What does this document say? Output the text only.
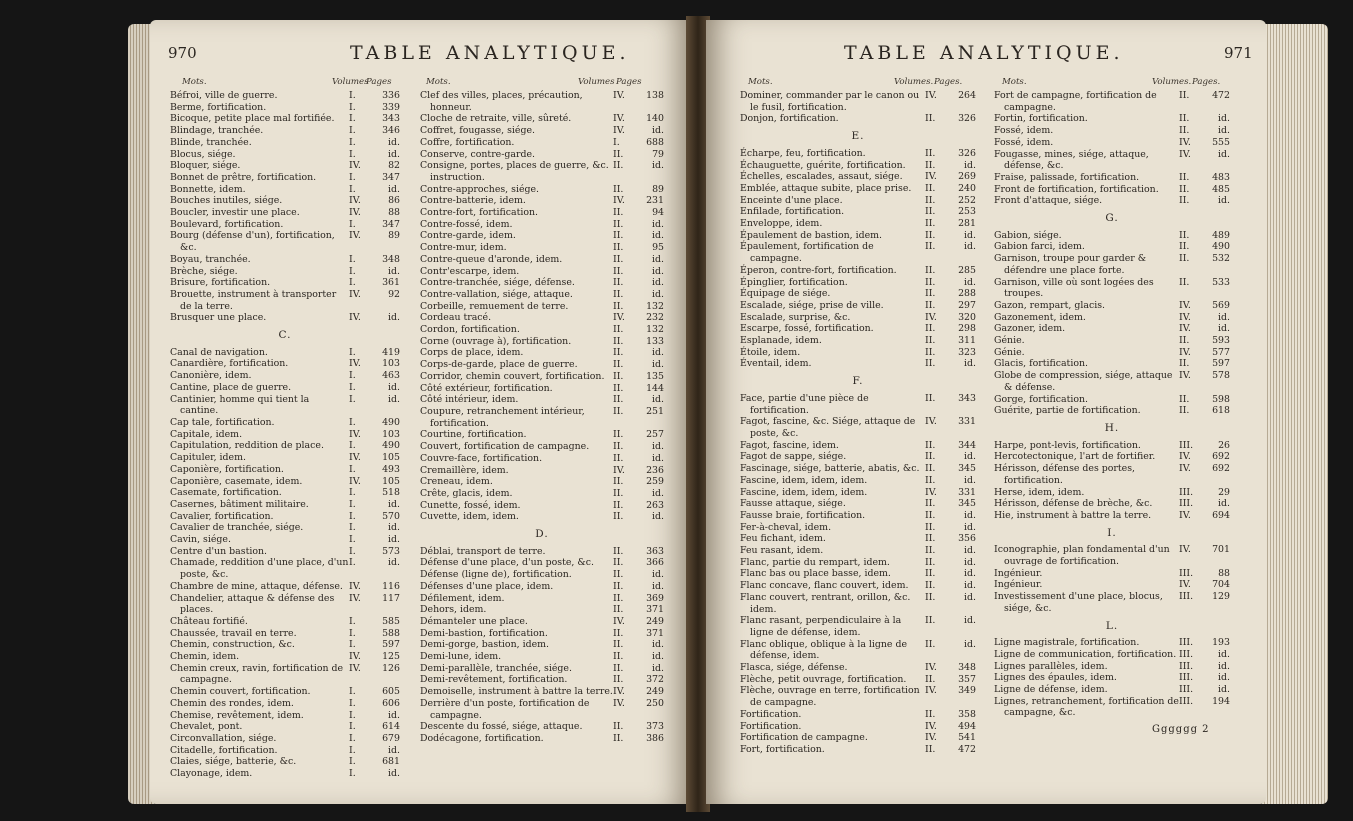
970	TABLE ANALYTIQUE.
Mots.	Volumes
Pages	Mots.	Volumes Pages
Béfroi, ville de guerre.	I.	336
Berme, fortification.	I.	339
Bicoque, petite place mal fortifiée.	I.	343
Blindage, tranchée.	I.	346
Blinde, tranchée.	I.	id.
Blocus, siége.	I.	id.
Bloquer, siége.	IV.	82
Bonnet de prêtre, fortification.	I.	347
Bonnette, idem.	I.	id.
Bouches inutiles, siége.	IV.	86
Boucler, investir une place.	IV.	88
Boulevard, fortification.	I.	347
Bourg (défense d'un), fortification, &c.
IV.	89
Boyau, tranchée.	I.	348
Brèche, siége.	I.	id.
Brisure, fortification.	I.	361
Brouette, instrument à transporter de la terre.
IV.	92
Brusquer une place.	IV.	id.
C.
Canal de navigation.	I.	419
Canardière, fortification.	IV.	103
Canonière, idem.	I.	463
Cantine, place de guerre.	I.	id.
Cantinier, homme qui tient la cantine.
I.	id.
Cap tale, fortification.	I.	490
Capitale, idem.	IV.	103
Capitulation, reddition de place.	I.	490
Capituler, idem.	IV.	105
Caponière, fortification.	I.	493
Caponière, casemate, idem.	IV.	105
Casemate, fortification.	I.	518
Casernes, bâtiment militaire.	I.	id.
Cavalier, fortification.	I.	570
Cavalier de tranchée, siége.	I.	id.
Cavin, siége.	I.	id.
Centre d'un bastion.	I.	573
Chamade, reddition d'une place, d'un poste, &c.
I.	id.
Chambre de mine, attaque, défense. IV.	116
Chandelier, attaque & défense des places.
IV.	117
Château fortifié.	I.	585
Chaussée, travail en terre.	I.	588
Chemin, construction, &c.	I.	597
Chemin, idem.	IV.	125
Chemin creux, ravin, fortification de campagne.
IV.	126
Chemin couvert, fortification.	I.	605
Chemin des rondes, idem.	I.	606
Chemise, revêtement, idem.	I.	id.
Chevalet, pont.	I.	614
Circonvallation, siége.	I.	679
Citadelle, fortification.	I.	id.
Claies, siége, batterie, &c.	I.	681
Clayonage, idem.	I.	id.
Clef des villes, places, précaution, honneur.
IV.	138
Cloche de retraite, ville, sûreté.	IV.	140
Coffret, fougasse, siége.	IV.	id.
Coffre, fortification.	I.	688
Conserve, contre-garde.	II.	79
Consigne, portes, places de guerre, &c. instruction.
II.	id.
Contre-approches, siége.	II.	89
Contre-batterie, idem.	IV.	231
Contre-fort, fortification.	II.	94
Contre-fossé, idem.	II.	id.
Contre-garde, idem.	II.	id.
Contre-mur, idem.	II.	95
Contre-queue d'aronde, idem.	II.	id.
Contr'escarpe, idem.	II.	id.
Contre-tranchée, siége, défense.	II.	id.
Contre-vallation, siége, attaque.	II.	id.
Corbeille, remuement de terre.	II.	132
Cordeau tracé.	IV.	232
Cordon, fortification.	II.	132
Corne (ouvrage à), fortification.	II.	133
Corps de place, idem.	II.	id.
Corps-de-garde, place de guerre.	II.	id.
Corridor, chemin couvert, fortification. II.	135
Côté extérieur, fortification.	II.	144
Côté intérieur, idem.	II.	id.
Coupure, retranchement intérieur, fortification.
II.	251
Courtine, fortification.	II.	257
Couvert, fortification de campagne.	II.	id.
Couvre-face, fortification.	II.	id.
Cremaillère, idem.	IV.	236
Creneau, idem.	II.	259
Crête, glacis, idem.	II.	id.
Cunette, fossé, idem.	II.	263
Cuvette, idem, idem.	II.	id.
D.
Déblai, transport de terre.	II.	363
Défense d'une place, d'un poste, &c.	II.	366
Défense (ligne de), fortification.	II.	id.
Défenses d'une place, idem.	II.	id.
Défilement, idem.	II.	369
Dehors, idem.	II.	371
Démanteler une place.	IV.	249
Demi-bastion, fortification.	II.	371
Demi-gorge, bastion, idem.	II.	id.
Demi-lune, idem.	II.	id.
Demi-parallèle, tranchée, siége.	II.	id.
Demi-revêtement, fortification.	II.	372
Demoiselle, instrument à battre la terre. IV.	249
Derrière d'un poste, fortification de campagne.
IV.	250
Descente du fossé, siége, attaque.	II.	373
Dodécagone, fortification.	II.	386
TABLE ANALYTIQUE.	971
Mots.	Volumes. Pages.	Mots.	Volumes. Pages.
Dominer, commander par le canon ou le fusil, fortification.
IV.	264
Donjon, fortification.	II.	326
E.
Écharpe, feu, fortification.	II.	326
Échauguette, guérite, fortification.	II.	id.
Échelles, escalades, assaut, siége.	IV.	269
Emblée, attaque subite, place prise.	II.	240
Enceinte d'une place.	II.	252
Enfilade, fortification.	II.	253
Enveloppe, idem.	II.	281
Épaulement de bastion, idem.	II.	id.
Épaulement, fortification de campagne.
II.	id.
Éperon, contre-fort, fortification.	II.	285
Épinglier, fortification.	II.	id.
Équipage de siége.	II.	288
Escalade, siége, prise de ville.	II.	297
Escalade, surprise, &c.	IV.	320
Escarpe, fossé, fortification.	II.	298
Esplanade, idem.	II.	311
Étoile, idem.	II.	323
Éventail, idem.	II.	id.
F.
Face, partie d'une pièce de fortification.
II.	343
Fagot, fascine, &c. Siége, attaque de poste, &c.
IV.	331
Fagot, fascine, idem.	II.	344
Fagot de sappe, siége.	II.	id.
Fascinage, siége, batterie, abatis, &c. II.	345
Fascine, idem, idem, idem.	II.	id.
Fascine, idem, idem, idem.	IV.	331
Fausse attaque, siége.	II.	345
Fausse braie, fortification.	II.	id.
Fer-à-cheval, idem.	II.	id.
Feu fichant, idem.	II.	356
Feu rasant, idem.	II.	id.
Flanc, partie du rempart, idem.	II.	id.
Flanc bas ou place basse, idem.	II.	id.
Flanc concave, flanc couvert, idem.	II.	id.
Flanc couvert, rentrant, orillon, &c. idem.
II.	id.
Flanc rasant, perpendiculaire à la ligne de défense, idem.
II.	id.
Flanc oblique, oblique à la ligne de défense, idem.
II.	id.
Flasca, siége, défense.	IV.	348
Flèche, petit ouvrage, fortification.	II.	357
Flèche, ouvrage en terre, fortification de campagne.
IV.	349
Fortification.	II.	358
Fortification.	IV.	494
Fortification de campagne.	IV.	541
Fort, fortification.	II.	472
Fort de campagne, fortification de campagne.
II.	472
Fortin, fortification.	II.	id.
Fossé, idem.	II.	id.
Fossé, idem.	IV.	555
Fougasse, mines, siége, attaque, défense, &c.
IV.	id.
Fraise, palissade, fortification.	II.	483
Front de fortification, fortification.	II.	485
Front d'attaque, siége.	II.	id.
G.
Gabion, siége.	II.	489
Gabion farci, idem.	II.	490
Garnison, troupe pour garder & défendre une place forte.
II.	532
Garnison, ville où sont logées des troupes.
II.	533
Gazon, rempart, glacis.	IV.	569
Gazonement, idem.	IV.	id.
Gazoner, idem.	IV.	id.
Génie.	II.	593
Génie.	IV.	577
Glacis, fortification.	II.	597
Globe de compression, siége, attaque & défense.
IV.	578
Gorge, fortification.	II.	598
Guérite, partie de fortification.	II.	618
H.
Harpe, pont-levis, fortification.	III.	26
Hercotectonique, l'art de fortifier.	IV.	692
Hérisson, défense des portes, fortification.
IV.	692
Herse, idem, idem.	III.	29
Hérisson, défense de brèche, &c.	III.	id.
Hie, instrument à battre la terre.	IV.	694
I.
Iconographie, plan fondamental d'un ouvrage de fortification.
IV.	701
Ingénieur.	III.	88
Ingénieur.	IV.	704
Investissement d'une place, blocus, siége, &c.
III.	129
L.
Ligne magistrale, fortification.	III.	193
Ligne de communication, fortification. III.	id.
Lignes parallèles, idem.	III.	id.
Lignes des épaules, idem.	III.	id.
Ligne de défense, idem.	III.	id.
Lignes, retranchement, fortification de campagne, &c.
III.	194
Gggggg 2
